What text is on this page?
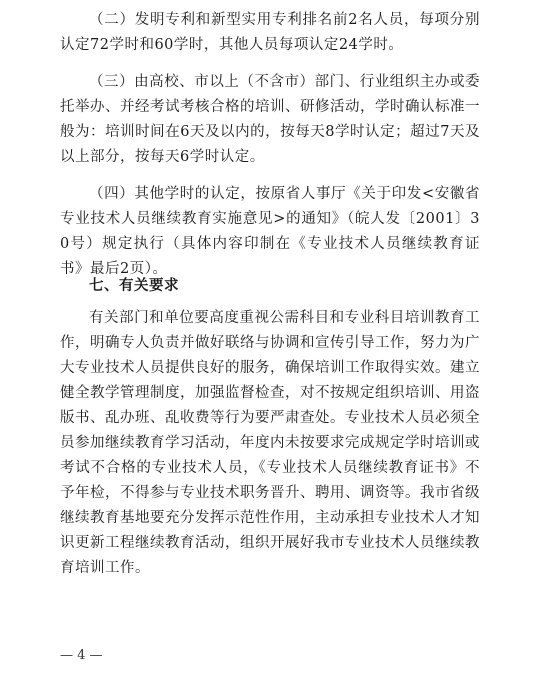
（二）发明专利和新型实用专利排名前2名人员，每项分别认定72学时和60学时，其他人员每项认定24学时。

（三）由高校、市以上（不含市）部门、行业组织主办或委托举办、并经考试考核合格的培训、研修活动，学时确认标准一般为：培训时间在6天及以内的，按每天8学时认定；超过7天及以上部分，按每天6学时认定。

（四）其他学时的认定，按原省人事厅《关于印发<安徽省专业技术人员继续教育实施意见>的通知》（皖人发〔2001〕30号）规定执行（具体内容印制在《专业技术人员继续教育证书》最后2页）。

七、有关要求

有关部门和单位要高度重视公需科目和专业科目培训教育工作，明确专人负责并做好联络与协调和宣传引导工作，努力为广大专业技术人员提供良好的服务，确保培训工作取得实效。建立健全教学管理制度，加强监督检查，对不按规定组织培训、用盗版书、乱办班、乱收费等行为要严肃查处。专业技术人员必须全员参加继续教育学习活动，年度内未按要求完成规定学时培训或考试不合格的专业技术人员，《专业技术人员继续教育证书》不予年检，不得参与专业技术职务晋升、聘用、调资等。我市省级继续教育基地要充分发挥示范性作用，主动承担专业技术人才知识更新工程继续教育活动，组织开展好我市专业技术人员继续教育培训工作。

— 4 —
